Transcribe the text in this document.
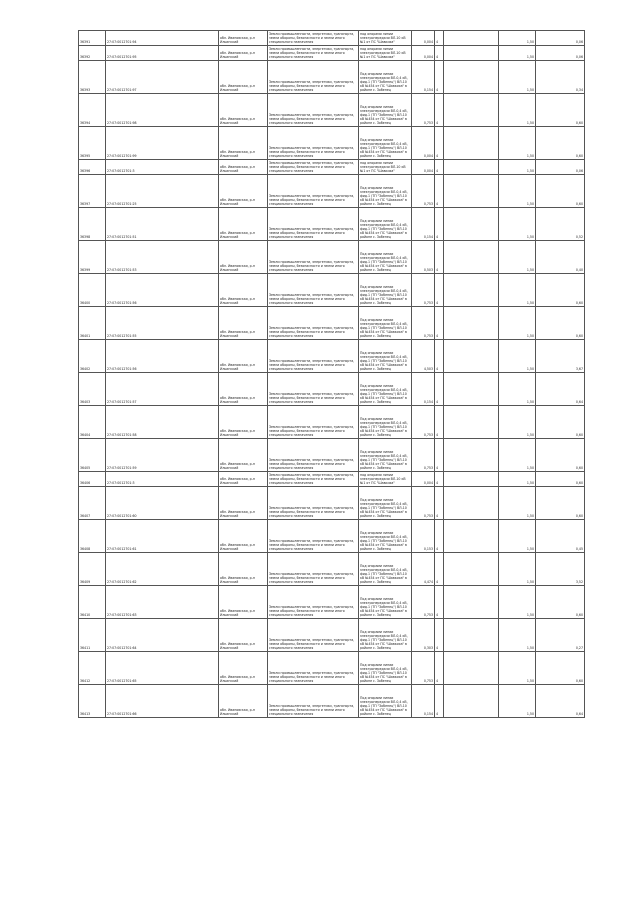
36391	27:07:0012701:94	обл. Ивановская, р-н Ильинский	Земли промышленности, энергетики, транспорта, земли обороны, безопасности и земли иного специального назначения	под опорами линии электропередачи ВЛ-10 кВ №1 от ПС "Шавкиха"	0,004	4		1,50	0,06
36392	27:07:0012701:95	обл. Ивановская, р-н Ильинский	Земли промышленности, энергетики, транспорта, земли обороны, безопасности и земли иного специального назначения	под опорами линии электропередачи ВЛ-10 кВ №1 от ПС "Шавкиха"	0,004	4		1,50	0,06
36393	27:07:0012701:97	обл. Ивановская, р-н Ильинский	Земли промышленности, энергетики, транспорта, земли обороны, безопасности и земли иного специального назначения	Под опорами линии электропередачи ВЛ-0,4 кВ, фид.1 (ТП "Зобенец") ВЛ-10 кВ №454 от ПС "Шавкиха" в районе с. Зобенец	0,154	4		1,50	0,34
36394	27:07:0012701:98	обл. Ивановская, р-н Ильинский	Земли промышленности, энергетики, транспорта, земли обороны, безопасности и земли иного специального назначения	Под опорами линии электропередачи ВЛ-0,4 кВ, фид.1 (ТП "Зобенец") ВЛ-10 кВ №454 от ПС "Шавкиха" в районе с. Зобенец	0,753	4		1,50	0,60
36395	27:07:0012701:99	обл. Ивановская, р-н Ильинский	Земли промышленности, энергетики, транспорта, земли обороны, безопасности и земли иного специального назначения	Под опорами линии электропередачи ВЛ-0,4 кВ, фид.1 (ТП "Зобенец") ВЛ-10 кВ №454 от ПС "Шавкиха" в районе с. Зобенец	0,004	4		1,50	0,60
36396	27:07:0012701:3	обл. Ивановская, р-н Ильинский	Земли промышленности, энергетики, транспорта, земли обороны, безопасности и земли иного специального назначения	под опорами линии электропередачи ВЛ-10 кВ №1 от ПС "Шавкиха"	0,004	4		1,50	0,06
36397	27:07:0012701:25	обл. Ивановская, р-н Ильинский	Земли промышленности, энергетики, транспорта, земли обороны, безопасности и земли иного специального назначения	Под опорами линии электропередачи ВЛ-0,4 кВ, фид.1 (ТП "Зобенец") ВЛ-10 кВ №454 от ПС "Шавкиха" в районе с. Зобенец	0,753	4		1,50	0,60
36398	27:07:0012701:51	обл. Ивановская, р-н Ильинский	Земли промышленности, энергетики, транспорта, земли обороны, безопасности и земли иного специального назначения	Под опорами линии электропередачи ВЛ-0,4 кВ, фид.1 (ТП "Зобенец") ВЛ-10 кВ №454 от ПС "Шавкиха" в районе с. Зобенец	0,154	4		1,50	0,52
36399	27:07:0012701:53	обл. Ивановская, р-н Ильинский	Земли промышленности, энергетики, транспорта, земли обороны, безопасности и земли иного специального назначения	Под опорами линии электропередачи ВЛ-0,4 кВ, фид.1 (ТП "Зобенец") ВЛ-10 кВ №454 от ПС "Шавкиха" в районе с. Зобенец	0,503	4		1,50	0,40
36400	27:07:0012701:56	обл. Ивановская, р-н Ильинский	Земли промышленности, энергетики, транспорта, земли обороны, безопасности и земли иного специального назначения	Под опорами линии электропередачи ВЛ-0,4 кВ, фид.1 (ТП "Зобенец") ВЛ-10 кВ №454 от ПС "Шавкиха" в районе с. Зобенец	0,753	4		1,50	0,60
36401	27:07:0012701:55	обл. Ивановская, р-н Ильинский	Земли промышленности, энергетики, транспорта, земли обороны, безопасности и земли иного специального назначения	Под опорами линии электропередачи ВЛ-0,4 кВ, фид.1 (ТП "Зобенец") ВЛ-10 кВ №454 от ПС "Шавкиха" в районе с. Зобенец	0,753	4		1,50	0,60
36402	27:07:0012701:56	обл. Ивановская, р-н Ильинский	Земли промышленности, энергетики, транспорта, земли обороны, безопасности и земли иного специального назначения	Под опорами линии электропередачи ВЛ-0,4 кВ, фид.1 (ТП "Зобенец") ВЛ-10 кВ №454 от ПС "Шавкиха" в районе с. Зобенец	4,503	4		1,50	3,67
36403	27:07:0012701:57	обл. Ивановская, р-н Ильинский	Земли промышленности, энергетики, транспорта, земли обороны, безопасности и земли иного специального назначения	Под опорами линии электропередачи ВЛ-0,4 кВ, фид.1 (ТП "Зобенец") ВЛ-10 кВ №454 от ПС "Шавкиха" в районе с. Зобенец	0,154	4		1,50	0,64
36404	27:07:0012701:58	обл. Ивановская, р-н Ильинский	Земли промышленности, энергетики, транспорта, земли обороны, безопасности и земли иного специального назначения	Под опорами линии электропередачи ВЛ-0,4 кВ, фид.1 (ТП "Зобенец") ВЛ-10 кВ №454 от ПС "Шавкиха" в районе с. Зобенец	0,753	4		1,50	0,60
36405	27:07:0012701:59	обл. Ивановская, р-н Ильинский	Земли промышленности, энергетики, транспорта, земли обороны, безопасности и земли иного специального назначения	Под опорами линии электропередачи ВЛ-0,4 кВ, фид.1 (ТП "Зобенец") ВЛ-10 кВ №454 от ПС "Шавкиха" в районе с. Зобенец	0,753	4		1,50	0,60
36406	27:07:0012701:3	обл. Ивановская, р-н Ильинский	Земли промышленности, энергетики, транспорта, земли обороны, безопасности и земли иного специального назначения	под опорами линии электропередачи ВЛ-10 кВ №1 от ПС "Шавкиха"	0,004	4		1,50	0,60
36407	27:07:0012701:60	обл. Ивановская, р-н Ильинский	Земли промышленности, энергетики, транспорта, земли обороны, безопасности и земли иного специального назначения	Под опорами линии электропередачи ВЛ-0,4 кВ, фид.1 (ТП "Зобенец") ВЛ-10 кВ №454 от ПС "Шавкиха" в районе с. Зобенец	0,753	4		1,50	0,60
36408	27:07:0012701:61	обл. Ивановская, р-н Ильинский	Земли промышленности, энергетики, транспорта, земли обороны, безопасности и земли иного специального назначения	Под опорами линии электропередачи ВЛ-0,4 кВ, фид.1 (ТП "Зобенец") ВЛ-10 кВ №454 от ПС "Шавкиха" в районе с. Зобенец	0,153	4		1,50	0,45
36409	27:07:0012701:62	обл. Ивановская, р-н Ильинский	Земли промышленности, энергетики, транспорта, земли обороны, безопасности и земли иного специального назначения	Под опорами линии электропередачи ВЛ-0,4 кВ, фид.1 (ТП "Зобенец") ВЛ-10 кВ №454 от ПС "Шавкиха" в районе с. Зобенец	4,474	4		1,50	3,52
36410	27:07:0012701:63	обл. Ивановская, р-н Ильинский	Земли промышленности, энергетики, транспорта, земли обороны, безопасности и земли иного специального назначения	Под опорами линии электропередачи ВЛ-0,4 кВ, фид.1 (ТП "Зобенец") ВЛ-10 кВ №454 от ПС "Шавкиха" в районе с. Зобенец	0,753	4		1,50	0,60
36411	27:07:0012701:64	обл. Ивановская, р-н Ильинский	Земли промышленности, энергетики, транспорта, земли обороны, безопасности и земли иного специального назначения	Под опорами линии электропередачи ВЛ-0,4 кВ, фид.1 (ТП "Зобенец") ВЛ-10 кВ №454 от ПС "Шавкиха" в районе с. Зобенец	0,303	4		1,50	0,27
36412	27:07:0012701:65	обл. Ивановская, р-н Ильинский	Земли промышленности, энергетики, транспорта, земли обороны, безопасности и земли иного специального назначения	Под опорами линии электропередачи ВЛ-0,4 кВ, фид.1 (ТП "Зобенец") ВЛ-10 кВ №454 от ПС "Шавкиха" в районе с. Зобенец	0,753	4		1,50	0,60
36413	27:07:0012701:66	обл. Ивановская, р-н Ильинский	Земли промышленности, энергетики, транспорта, земли обороны, безопасности и земли иного специального назначения	Под опорами линии электропередачи ВЛ-0,4 кВ, фид.1 (ТП "Зобенец") ВЛ-10 кВ №454 от ПС "Шавкиха" в районе с. Зобенец	0,154	4		1,50	0,64
